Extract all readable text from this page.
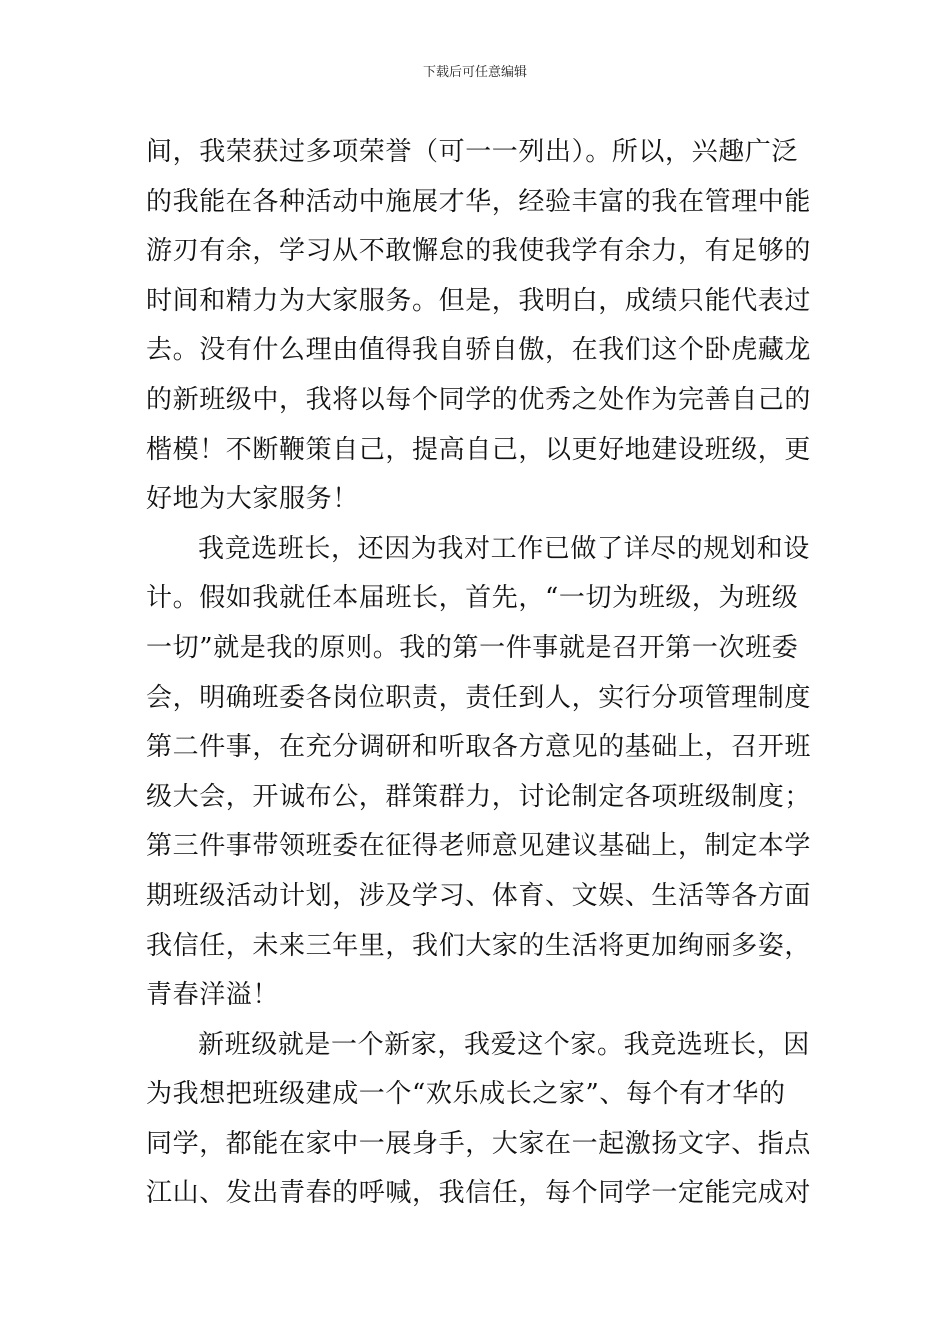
下载后可任意编辑
间，我荣获过多项荣誉（可一一列出）。所以，兴趣广泛
的我能在各种活动中施展才华，经验丰富的我在管理中能
游刃有余，学习从不敢懈怠的我使我学有余力，有足够的
时间和精力为大家服务。但是，我明白，成绩只能代表过
去。没有什么理由值得我自骄自傲，在我们这个卧虎藏龙
的新班级中，我将以每个同学的优秀之处作为完善自己的
楷模！不断鞭策自己，提高自己，以更好地建设班级，更
好地为大家服务！
我竞选班长，还因为我对工作已做了详尽的规划和设
计。假如我就任本届班长，首先，“一切为班级，为班级
一切”就是我的原则。我的第一件事就是召开第一次班委
会，明确班委各岗位职责，责任到人，实行分项管理制度
第二件事，在充分调研和听取各方意见的基础上，召开班
级大会，开诚布公，群策群力，讨论制定各项班级制度；
第三件事带领班委在征得老师意见建议基础上，制定本学
期班级活动计划，涉及学习、体育、文娱、生活等各方面
我信任，未来三年里，我们大家的生活将更加绚丽多姿，
青春洋溢！
新班级就是一个新家，我爱这个家。我竞选班长，因
为我想把班级建成一个“欢乐成长之家”、每个有才华的
同学，都能在家中一展身手，大家在一起激扬文字、指点
江山、发出青春的呼喊，我信任，每个同学一定能完成对
